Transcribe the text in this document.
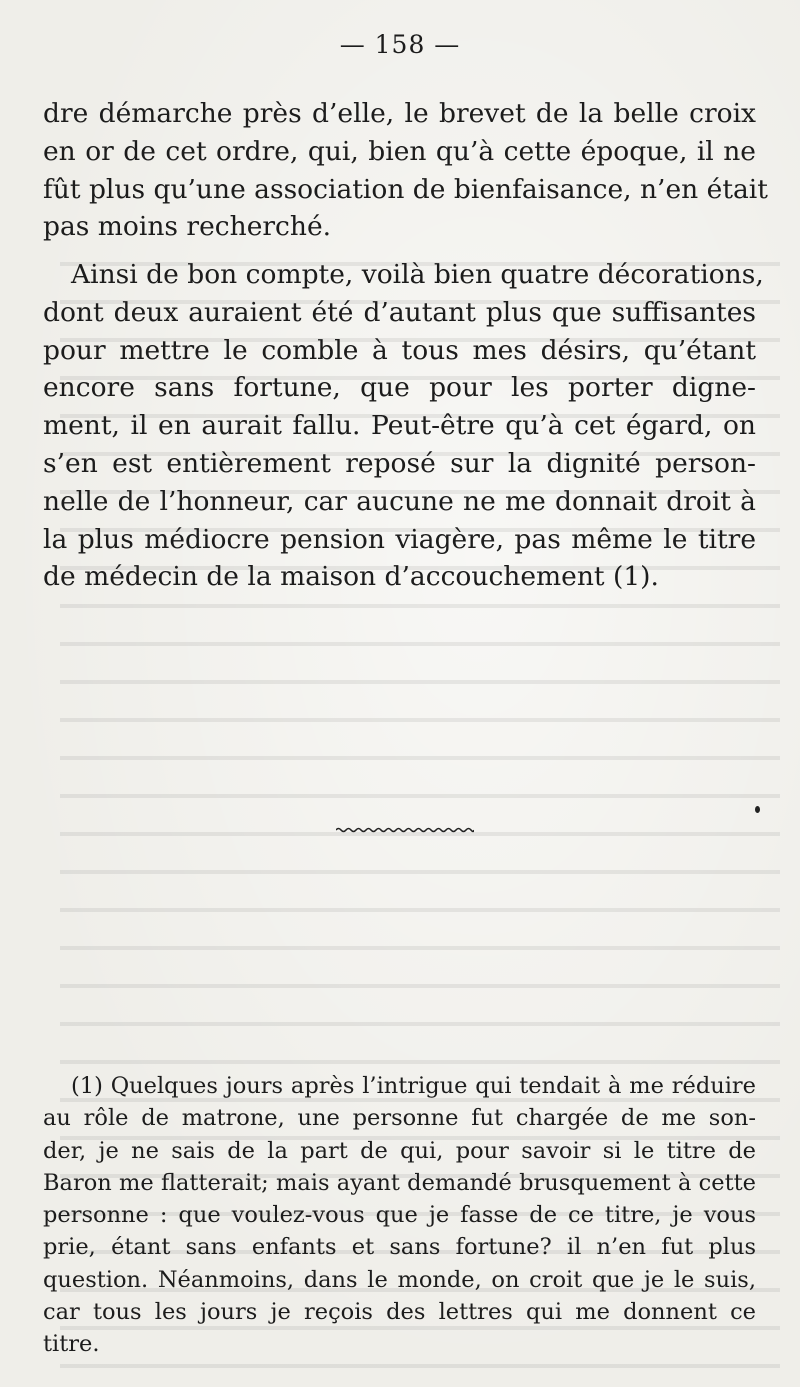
— 158 —
dre démarche près d’elle, le brevet de la belle croix
en or de cet ordre, qui, bien qu’à cette époque, il ne
fût plus qu’une association de bienfaisance, n’en était
pas moins recherché.
Ainsi de bon compte, voilà bien quatre décorations,
dont deux auraient été d’autant plus que suffisantes
pour mettre le comble à tous mes désirs, qu’étant
encore sans fortune, que pour les porter digne-
ment, il en aurait fallu. Peut-être qu’à cet égard, on
s’en est entièrement reposé sur la dignité person-
nelle de l’honneur, car aucune ne me donnait droit à
la plus médiocre pension viagère, pas même le titre
de médecin de la maison d’accouchement (1).
(1) Quelques jours après l’intrigue qui tendait à me réduire
au rôle de matrone, une personne fut chargée de me son-
der, je ne sais de la part de qui, pour savoir si le titre de
Baron me flatterait; mais ayant demandé brusquement à cette
personne : que voulez-vous que je fasse de ce titre, je vous
prie, étant sans enfants et sans fortune? il n’en fut plus
question. Néanmoins, dans le monde, on croit que je le suis,
car tous les jours je reçois des lettres qui me donnent ce
titre.
